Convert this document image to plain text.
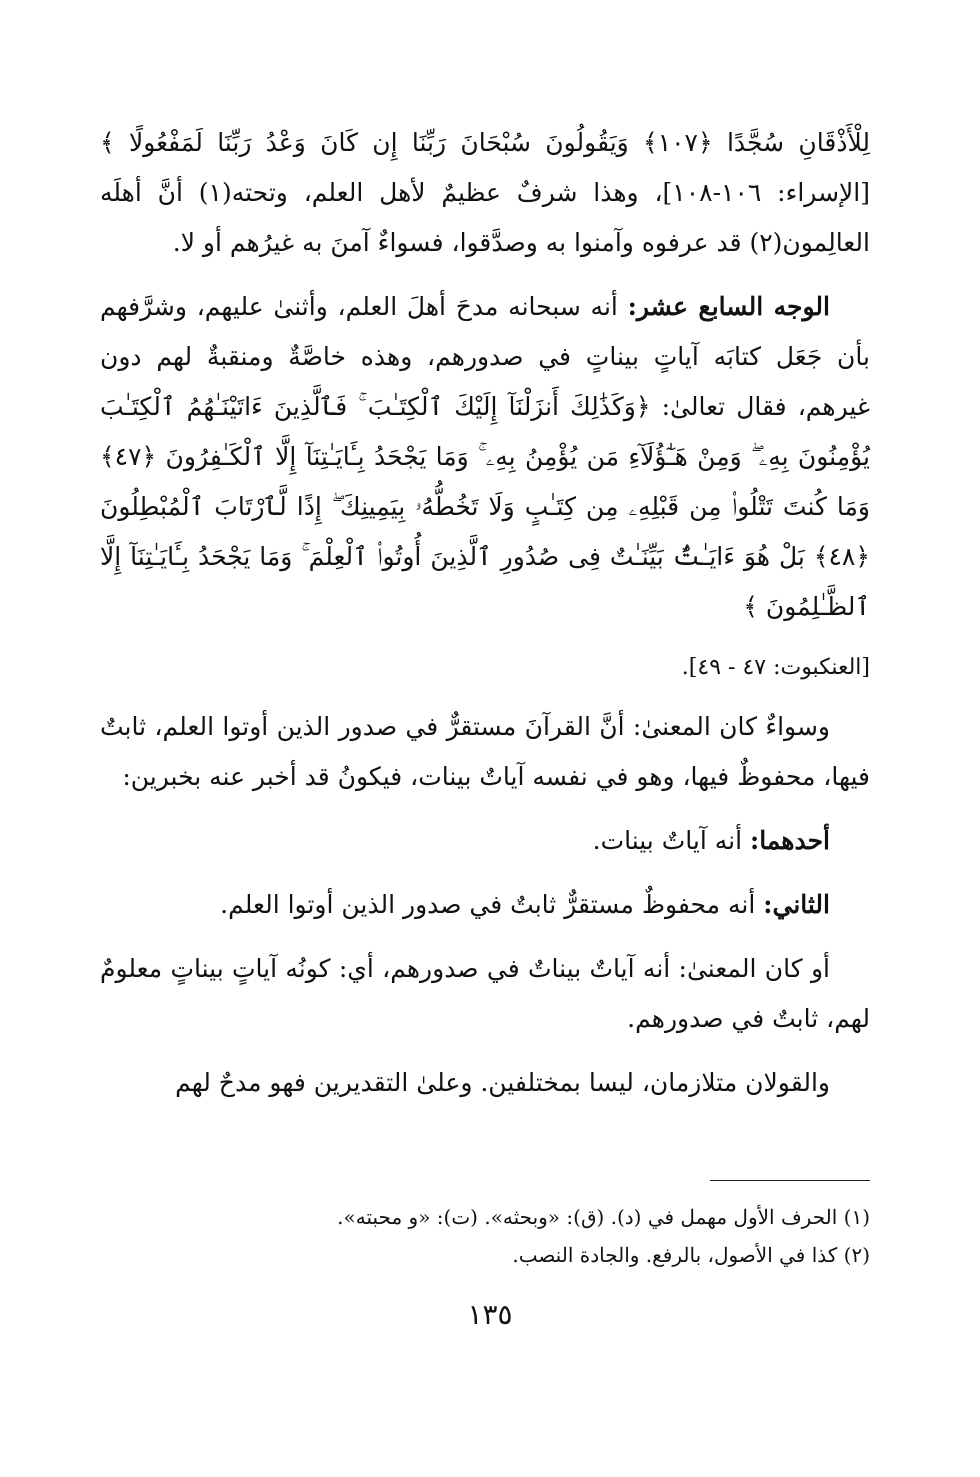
لِلْأَذْقَانِ سُجَّدًا ﴿١٠٧﴾ وَيَقُولُونَ سُبْحَانَ رَبِّنَا إِن كَانَ وَعْدُ رَبِّنَا لَمَفْعُولًا ﴾ [الإسراء: ١٠٦-١٠٨]، وهذا شرفٌ عظيمٌ لأهل العلم، وتحته(١) أنَّ أهلَه العالِمون(٢) قد عرفوه وآمنوا به وصدَّقوا، فسواءٌ آمنَ به غيرُهم أو لا.

الوجه السابع عشر: أنه سبحانه مدحَ أهلَ العلم، وأثنىٰ عليهم، وشرَّفهم بأن جَعَل كتابَه آياتٍ بيناتٍ في صدورهم، وهذه خاصَّةٌ ومنقبةٌ لهم دون غيرهم، فقال تعالىٰ: ﴿وَكَذَٰلِكَ أَنزَلْنَآ إِلَيْكَ ٱلْكِتَـٰبَ ۚ فَٱلَّذِينَ ءَاتَيْنَـٰهُمُ ٱلْكِتَـٰبَ يُؤْمِنُونَ بِهِۦ ۖ وَمِنْ هَـٰٓؤُلَآءِ مَن يُؤْمِنُ بِهِۦ ۚ وَمَا يَجْحَدُ بِـَٔايَـٰتِنَآ إِلَّا ٱلْكَـٰفِرُونَ ﴿٤٧﴾ وَمَا كُنتَ تَتْلُوا۟ مِن قَبْلِهِۦ مِن كِتَـٰبٍ وَلَا تَخُطُّهُۥ بِيَمِينِكَ ۖ إِذًا لَّٱرْتَابَ ٱلْمُبْطِلُونَ ﴿٤٨﴾ بَلْ هُوَ ءَايَـٰتٌۢ بَيِّنَـٰتٌ فِى صُدُورِ ٱلَّذِينَ أُوتُوا۟ ٱلْعِلْمَ ۚ وَمَا يَجْحَدُ بِـَٔايَـٰتِنَآ إِلَّا ٱلظَّـٰلِمُونَ ﴾

[العنكبوت: ٤٧ - ٤٩].

وسواءٌ كان المعنىٰ: أنَّ القرآنَ مستقرٌّ في صدور الذين أوتوا العلم، ثابتٌ فيها، محفوظٌ فيها، وهو في نفسه آياتٌ بينات، فيكونُ قد أخبر عنه بخبرين:

أحدهما: أنه آياتٌ بينات.

الثاني: أنه محفوظٌ مستقرٌّ ثابتٌ في صدور الذين أوتوا العلم.

أو كان المعنىٰ: أنه آياتٌ بيناتٌ في صدورهم، أي: كونُه آياتٍ بيناتٍ معلومٌ لهم، ثابتٌ في صدورهم.

والقولان متلازمان، ليسا بمختلفين. وعلىٰ التقديرين فهو مدحٌ لهم

(١) الحرف الأول مهمل في (د). (ق): «وبحثه». (ت): «و محبته».
(٢) كذا في الأصول، بالرفع. والجادة النصب.
١٣٥
